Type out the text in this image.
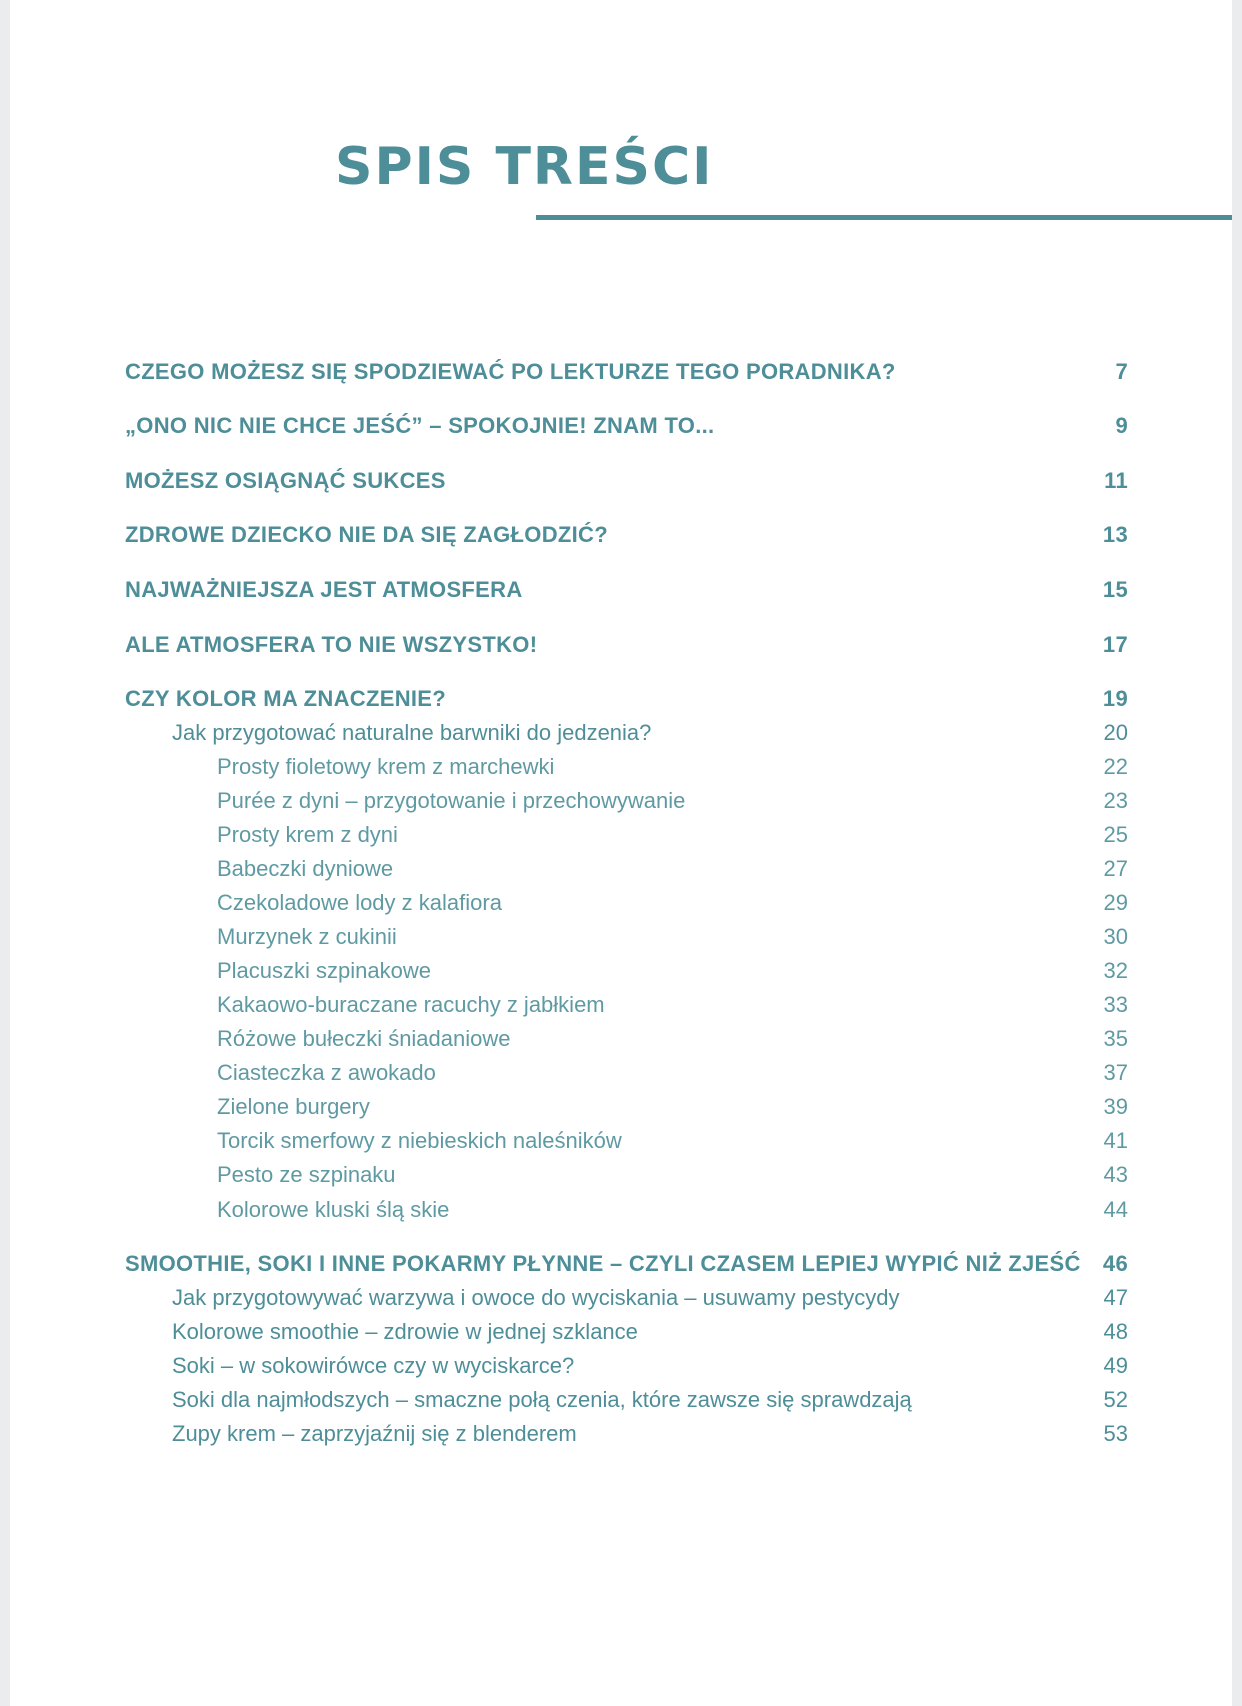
SPIS TREŚCI
CZEGO MOŻESZ SIĘ SPODZIEWAĆ PO LEKTURZE TEGO PORADNIKA?	7
„ONO NIC NIE CHCE JEŚĆ” – SPOKOJNIE! ZNAM TO...	9
MOŻESZ OSIĄGNĄĆ SUKCES	11
ZDROWE DZIECKO NIE DA SIĘ ZAGŁODZIĆ?	13
NAJWAŻNIEJSZA JEST ATMOSFERA	15
ALE ATMOSFERA TO NIE WSZYSTKO!	17
CZY KOLOR MA ZNACZENIE?	19
Jak przygotować naturalne barwniki do jedzenia?	20
Prosty fioletowy krem z marchewki	22
Purée z dyni – przygotowanie i przechowywanie	23
Prosty krem z dyni	25
Babeczki dyniowe	27
Czekoladowe lody z kalafiora	29
Murzynek z cukinii	30
Placuszki szpinakowe	32
Kakaowo-buraczane racuchy z jabłkiem	33
Różowe bułeczki śniadaniowe	35
Ciasteczka z awokado	37
Zielone burgery	39
Torcik smerfowy z niebieskich naleśników	41
Pesto ze szpinaku	43
Kolorowe kluski ślą skie	44
SMOOTHIE, SOKI I INNE POKARMY PŁYNNE – CZYLI CZASEM LEPIEJ WYPIĆ NIŻ ZJEŚĆ 46
Jak przygotowywać warzywa i owoce do wyciskania – usuwamy pestycydy	47
Kolorowe smoothie – zdrowie w jednej szklance	48
Soki – w sokowirówce czy w wyciskarce?	49
Soki dla najmłodszych – smaczne połą czenia, które zawsze się sprawdzają	52
Zupy krem – zaprzyjaźnij się z blenderem	53
